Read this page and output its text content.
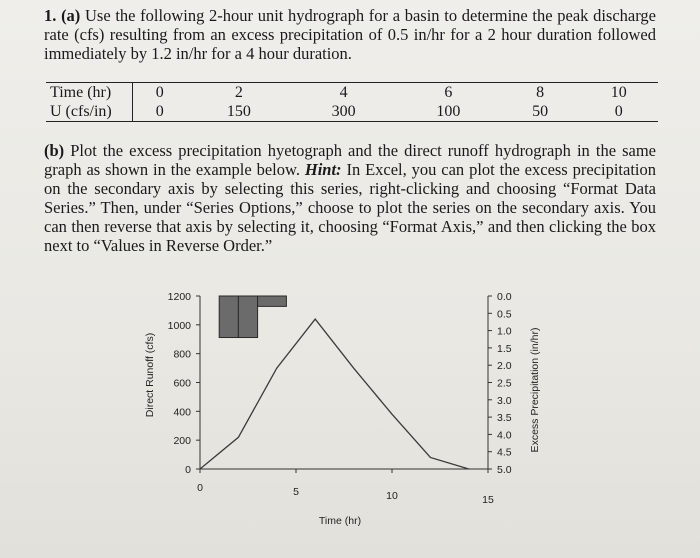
1. (a) Use the following 2-hour unit hydrograph for a basin to determine the peak discharge rate (cfs) resulting from an excess precipitation of 0.5 in/hr for a 2 hour duration followed immediately by 1.2 in/hr for a 4 hour duration.
Time (hr)	0	2	4	6	8	10
U (cfs/in)	0	150	300	100	50	0
(b) Plot the excess precipitation hyetograph and the direct runoff hydrograph in the same graph as shown in the example below. Hint: In Excel, you can plot the excess precipitation on the secondary axis by selecting this series, right-clicking and choosing “Format Data Series.” Then, under “Series Options,” choose to plot the series on the secondary axis. You can then reverse that axis by selecting it, choosing “Format Axis,” and then clicking the box next to “Values in Reverse Order.”
0
200
400
600
800
1000
1200	0.0
0.5
1.0
1.5
2.0
2.5
3.0
3.5
4.0
4.5
5.0
0	5	10	15
Time (hr)
Direct Runoff (cfs)	Excess Precipitation (in/hr)
